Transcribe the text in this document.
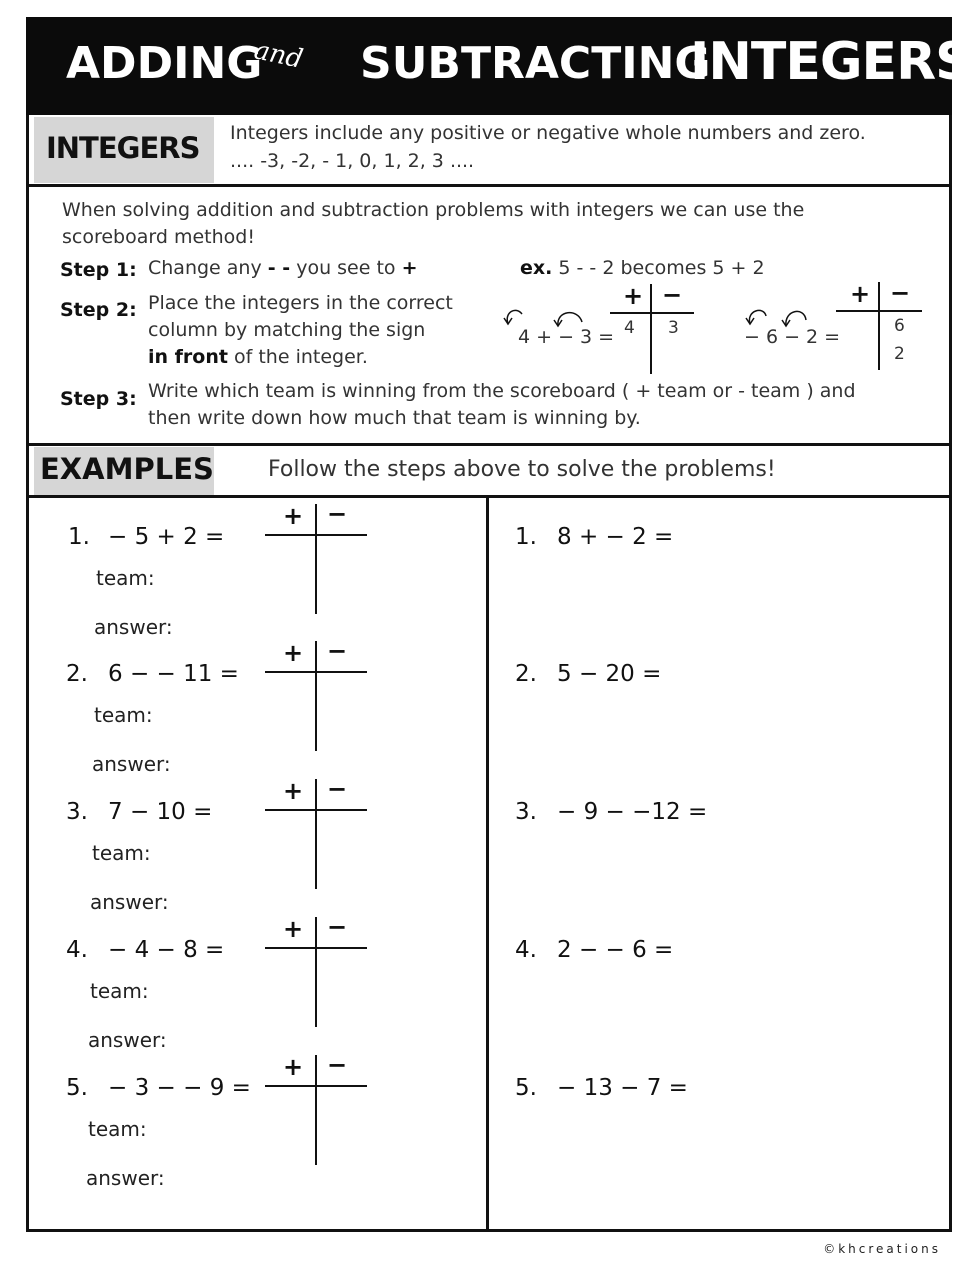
ADDING
and SUBTRACTING
INTEGERS
INTEGERS Integers include any positive or negative whole numbers and zero.
.... -3, -2, - 1, 0, 1, 2, 3 ....
When solving addition and subtraction problems with integers we can use the
scoreboard method!
Step 1: Change any - - you see to +	ex. 5 - - 2 becomes 5 + 2
Step 2: Place the integers in the correct
column by matching the sign
in front of the integer.
4 + − 3 =
+ −
4 3	− 6 − 2 =
+ −
6
2
Step 3: Write which team is winning from the scoreboard ( + team or - team ) and
then write down how much that team is winning by.
EXAMPLES Follow the steps above to solve the problems!
1. − 5 + 2 =
team:
answer:
+ −
2. 6 − − 11 =
team:
answer:
+ −
3. 7 − 10 =
team:
answer:
+ −
4. − 4 − 8 =
team:
answer:
+ −
5. − 3 − − 9 =
team:
answer:
+ −
1. 8 + − 2 =
2. 5 − 20 =
3. − 9 − −12 =
4. 2 − − 6 =
5. − 13 − 7 =
©khcreations
